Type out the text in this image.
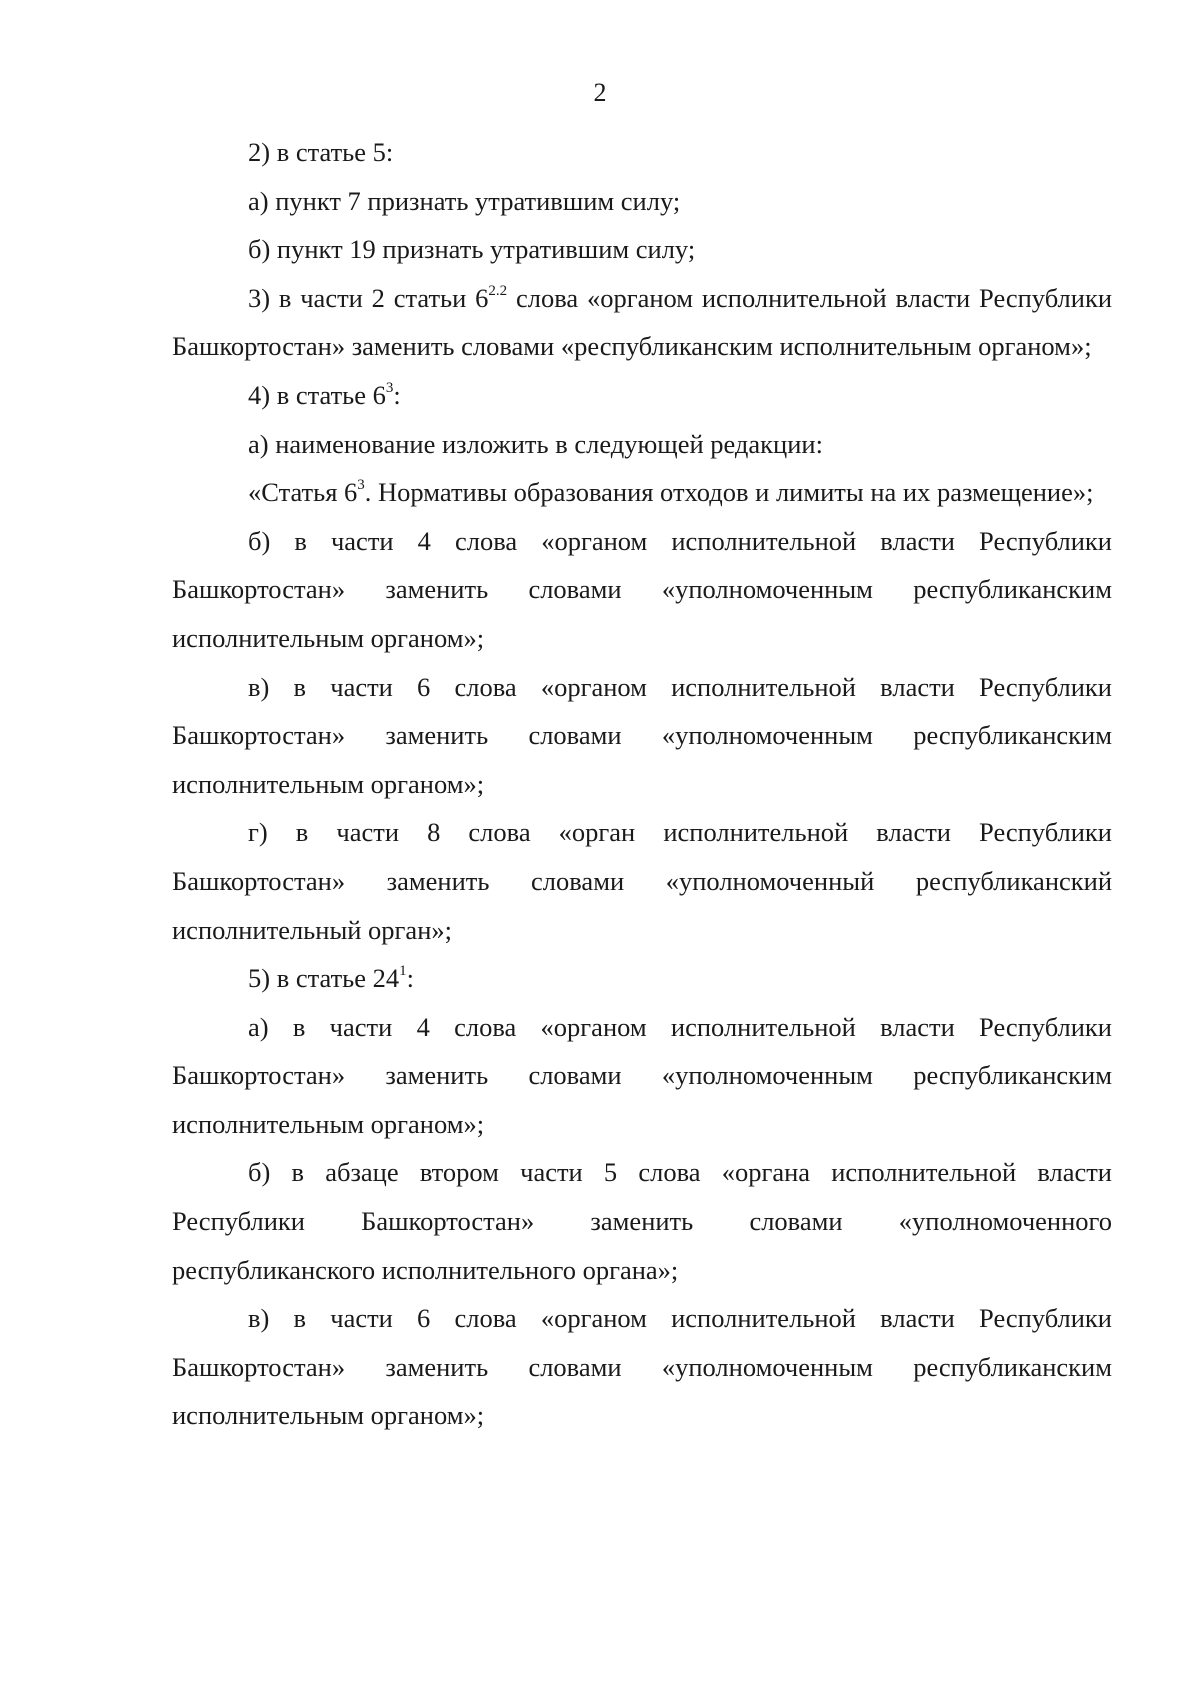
2

2) в статье 5:

а) пункт 7 признать утратившим силу;

б) пункт 19 признать утратившим силу;

3) в части 2 статьи $6^{2.2}$ слова «органом исполнительной власти Республики Башкортостан» заменить словами «республиканским исполнительным органом»;

4) в статье $6^3$:

а) наименование изложить в следующей редакции:

«Статья $6^3$. Нормативы образования отходов и лимиты на их размещение»;

б) в части 4 слова «органом исполнительной власти Республики Башкортостан» заменить словами «уполномоченным республиканским исполнительным органом»;

в) в части 6 слова «органом исполнительной власти Республики Башкортостан» заменить словами «уполномоченным республиканским исполнительным органом»;

г) в части 8 слова «орган исполнительной власти Республики Башкортостан» заменить словами «уполномоченный республиканский исполнительный орган»;

5) в статье $24^1$:

а) в части 4 слова «органом исполнительной власти Республики Башкортостан» заменить словами «уполномоченным республиканским исполнительным органом»;

б) в абзаце втором части 5 слова «органа исполнительной власти Республики Башкортостан» заменить словами «уполномоченного республиканского исполнительного органа»;

в) в части 6 слова «органом исполнительной власти Республики Башкортостан» заменить словами «уполномоченным республиканским исполнительным органом»;
